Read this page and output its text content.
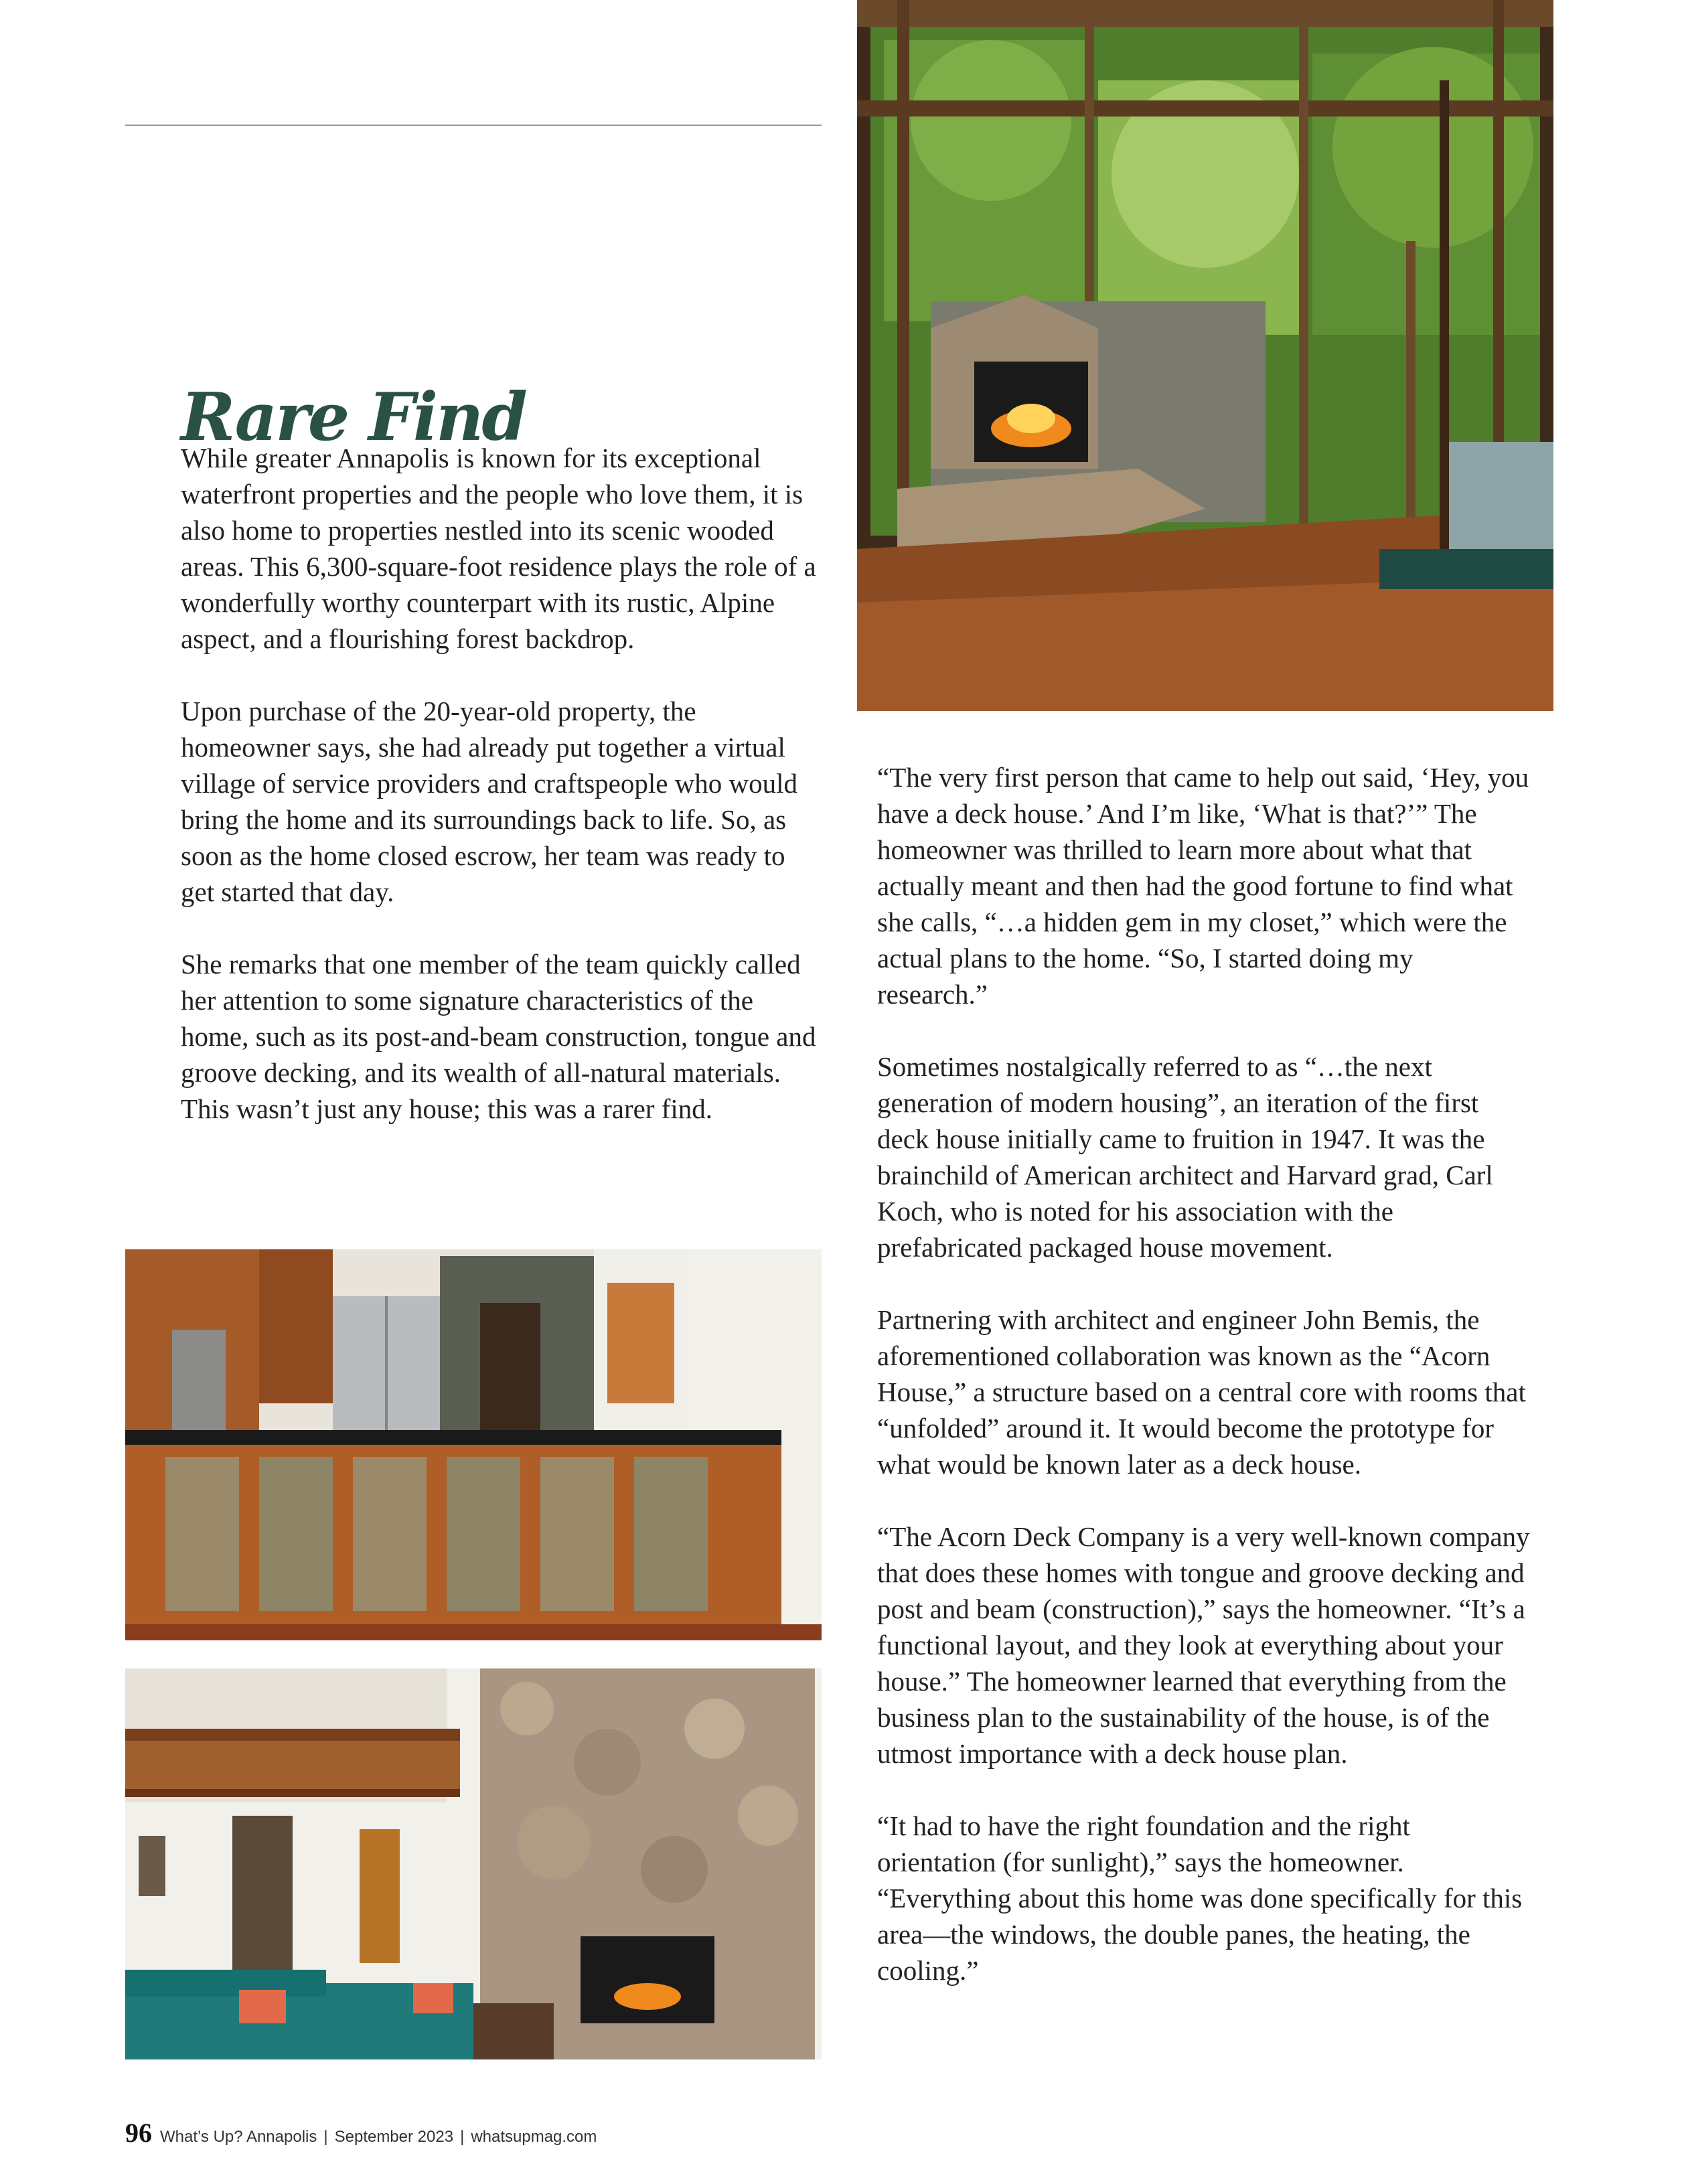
Rare Find

While greater Annapolis is known for its exceptional waterfront properties and the people who love them, it is also home to properties nestled into its scenic wooded areas. This 6,300-square-foot residence plays the role of a wonderfully worthy counterpart with its rustic, Alpine aspect, and a flourishing forest backdrop.

Upon purchase of the 20-year-old property, the homeowner says, she had already put together a virtual village of service providers and craftspeople who would bring the home and its surroundings back to life. So, as soon as the home closed escrow, her team was ready to get started that day.

She remarks that one member of the team quickly called her attention to some signature characteristics of the home, such as its post-and-beam construction, tongue and groove decking, and its wealth of all-natural materials. This wasn’t just any house; this was a rarer find.

“The very first person that came to help out said, ‘Hey, you have a deck house.’ And I’m like, ‘What is that?’” The homeowner was thrilled to learn more about what that actually meant and then had the good fortune to find what she calls, “…a hidden gem in my closet,” which were the actual plans to the home. “So, I started doing my research.”

Sometimes nostalgically referred to as “…the next generation of modern housing”, an iteration of the first deck house initially came to fruition in 1947. It was the brainchild of American architect and Harvard grad, Carl Koch, who is noted for his association with the prefabricated packaged house movement.

Partnering with architect and engineer John Bemis, the aforementioned collaboration was known as the “Acorn House,” a structure based on a central core with rooms that “unfolded” around it. It would become the prototype for what would be known later as a deck house.

“The Acorn Deck Company is a very well-known company that does these homes with tongue and groove decking and post and beam (construction),” says the homeowner. “It’s a functional layout, and they look at everything about your house.” The homeowner learned that everything from the business plan to the sustainability of the house, is of the utmost importance with a deck house plan.

“It had to have the right foundation and the right orientation (for sunlight),” says the homeowner. “Everything about this home was done specifically for this area—the windows, the double panes, the heating, the cooling.”

96 What’s Up? Annapolis | September 2023 | whatsupmag.com
